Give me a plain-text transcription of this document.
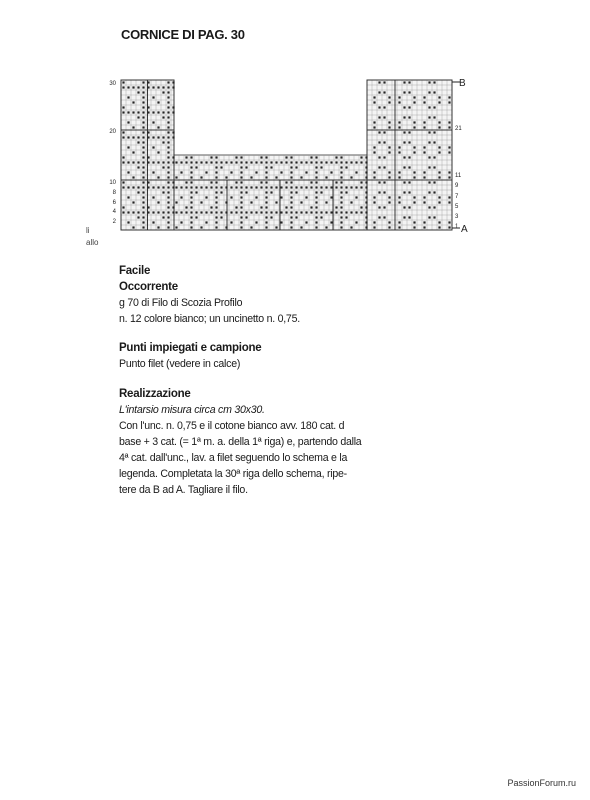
CORNICE DI PAG. 30
30
20
10
8
6
4
2
21
11
9
7
5
3
1
B
A
li
allo
Facile
Occorrente
g 70 di Filo di Scozia Profilo
n. 12 colore bianco; un uncinetto n. 0,75.
Punti impiegati e campione
Punto filet (vedere in calce)
Realizzazione
L'intarsio misura circa cm 30x30.
Con l'unc. n. 0,75 e il cotone bianco avv. 180 cat. d
base + 3 cat. (= 1ª m. a. della 1ª riga) e, partendo dalla
4ª cat. dall'unc., lav. a filet seguendo lo schema e la
legenda. Completata la 30ª riga dello schema, ripe-
tere da B ad A. Tagliare il filo.
PassionForum.ru
